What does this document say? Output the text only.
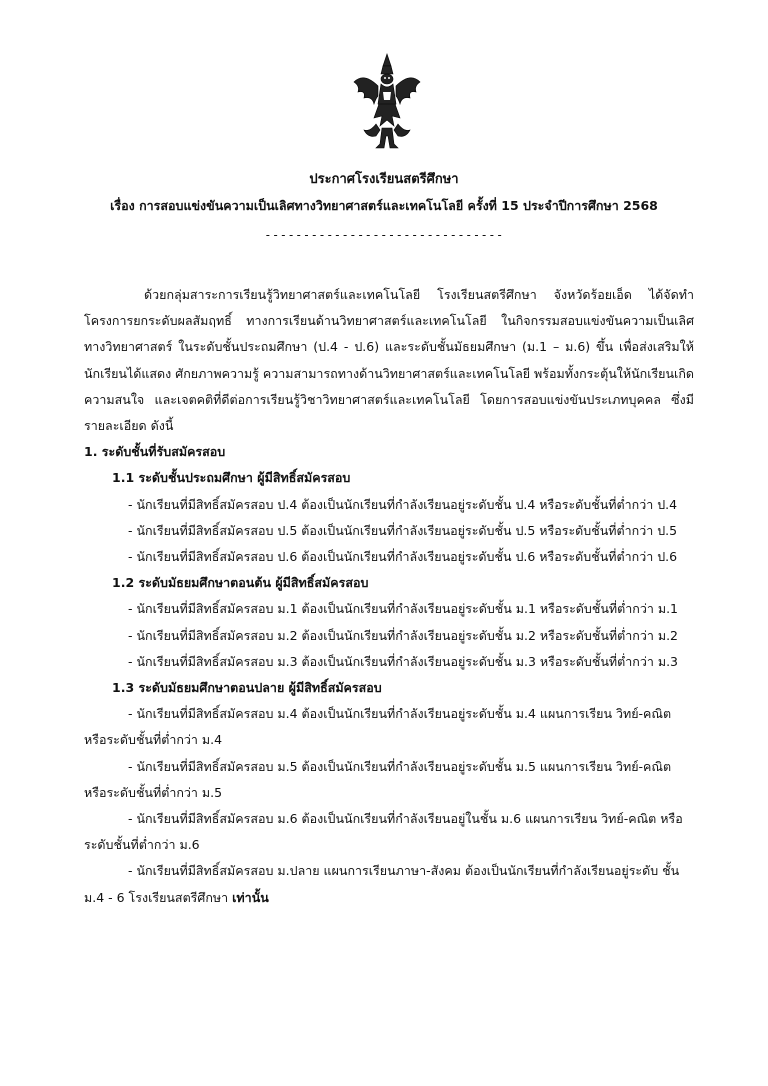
ประกาศโรงเรียนสตรีศึกษา
เรื่อง การสอบแข่งขันความเป็นเลิศทางวิทยาศาสตร์และเทคโนโลยี ครั้งที่ 15 ประจำปีการศึกษา 2568
-------------------------------

ด้วยกลุ่มสาระการเรียนรู้วิทยาศาสตร์และเทคโนโลยี โรงเรียนสตรีศึกษา จังหวัดร้อยเอ็ด ได้จัดทำ โครงการยกระดับผลสัมฤทธิ์ ทางการเรียนด้านวิทยาศาสตร์และเทคโนโลยี ในกิจกรรมสอบแข่งขันความเป็นเลิศทางวิทยาศาสตร์ ในระดับชั้นประถมศึกษา (ป.4 - ป.6) และระดับชั้นมัธยมศึกษา (ม.1 – ม.6) ขึ้น เพื่อส่งเสริมให้นักเรียนได้แสดง ศักยภาพความรู้ ความสามารถทางด้านวิทยาศาสตร์และเทคโนโลยี พร้อมทั้งกระตุ้นให้นักเรียนเกิดความสนใจ และเจตคติที่ดีต่อการเรียนรู้วิชาวิทยาศาสตร์และเทคโนโลยี โดยการสอบแข่งขันประเภทบุคคล ซึ่งมีรายละเอียด ดังนี้

1. ระดับชั้นที่รับสมัครสอบ

1.1 ระดับชั้นประถมศึกษา ผู้มีสิทธิ์สมัครสอบ

- นักเรียนที่มีสิทธิ์สมัครสอบ ป.4 ต้องเป็นนักเรียนที่กำลังเรียนอยู่ระดับชั้น ป.4 หรือระดับชั้นที่ต่ำกว่า ป.4

- นักเรียนที่มีสิทธิ์สมัครสอบ ป.5 ต้องเป็นนักเรียนที่กำลังเรียนอยู่ระดับชั้น ป.5 หรือระดับชั้นที่ต่ำกว่า ป.5

- นักเรียนที่มีสิทธิ์สมัครสอบ ป.6 ต้องเป็นนักเรียนที่กำลังเรียนอยู่ระดับชั้น ป.6 หรือระดับชั้นที่ต่ำกว่า ป.6

1.2 ระดับมัธยมศึกษาตอนต้น ผู้มีสิทธิ์สมัครสอบ

- นักเรียนที่มีสิทธิ์สมัครสอบ ม.1 ต้องเป็นนักเรียนที่กำลังเรียนอยู่ระดับชั้น ม.1 หรือระดับชั้นที่ต่ำกว่า ม.1

- นักเรียนที่มีสิทธิ์สมัครสอบ ม.2 ต้องเป็นนักเรียนที่กำลังเรียนอยู่ระดับชั้น ม.2 หรือระดับชั้นที่ต่ำกว่า ม.2

- นักเรียนที่มีสิทธิ์สมัครสอบ ม.3 ต้องเป็นนักเรียนที่กำลังเรียนอยู่ระดับชั้น ม.3 หรือระดับชั้นที่ต่ำกว่า ม.3

1.3 ระดับมัธยมศึกษาตอนปลาย ผู้มีสิทธิ์สมัครสอบ

- นักเรียนที่มีสิทธิ์สมัครสอบ ม.4 ต้องเป็นนักเรียนที่กำลังเรียนอยู่ระดับชั้น ม.4 แผนการเรียน วิทย์-คณิต หรือระดับชั้นที่ต่ำกว่า ม.4

- นักเรียนที่มีสิทธิ์สมัครสอบ ม.5 ต้องเป็นนักเรียนที่กำลังเรียนอยู่ระดับชั้น ม.5 แผนการเรียน วิทย์-คณิต หรือระดับชั้นที่ต่ำกว่า ม.5

- นักเรียนที่มีสิทธิ์สมัครสอบ ม.6 ต้องเป็นนักเรียนที่กำลังเรียนอยู่ในชั้น ม.6 แผนการเรียน วิทย์-คณิต หรือระดับชั้นที่ต่ำกว่า ม.6

- นักเรียนที่มีสิทธิ์สมัครสอบ ม.ปลาย แผนการเรียนภาษา-สังคม ต้องเป็นนักเรียนที่กำลังเรียนอยู่ระดับ ชั้น ม.4 - 6 โรงเรียนสตรีศึกษา เท่านั้น
